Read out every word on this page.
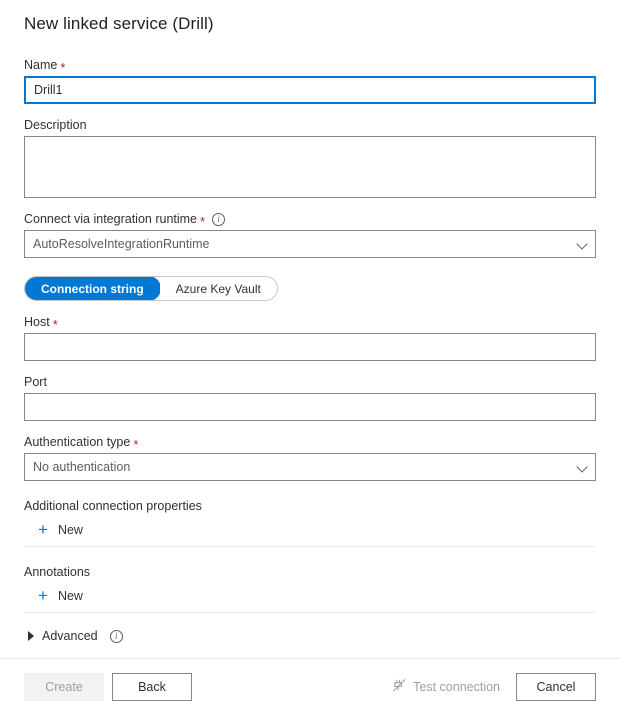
New linked service (Drill)
Name *
Drill1
Description
Connect via integration runtime *	i
AutoResolveIntegrationRuntime
Connection string	Azure Key Vault
Host *
Port
Authentication type *
No authentication
Additional connection properties
+ New
Annotations
+ New
Advanced	i
Create	Back	Test connection	Cancel
